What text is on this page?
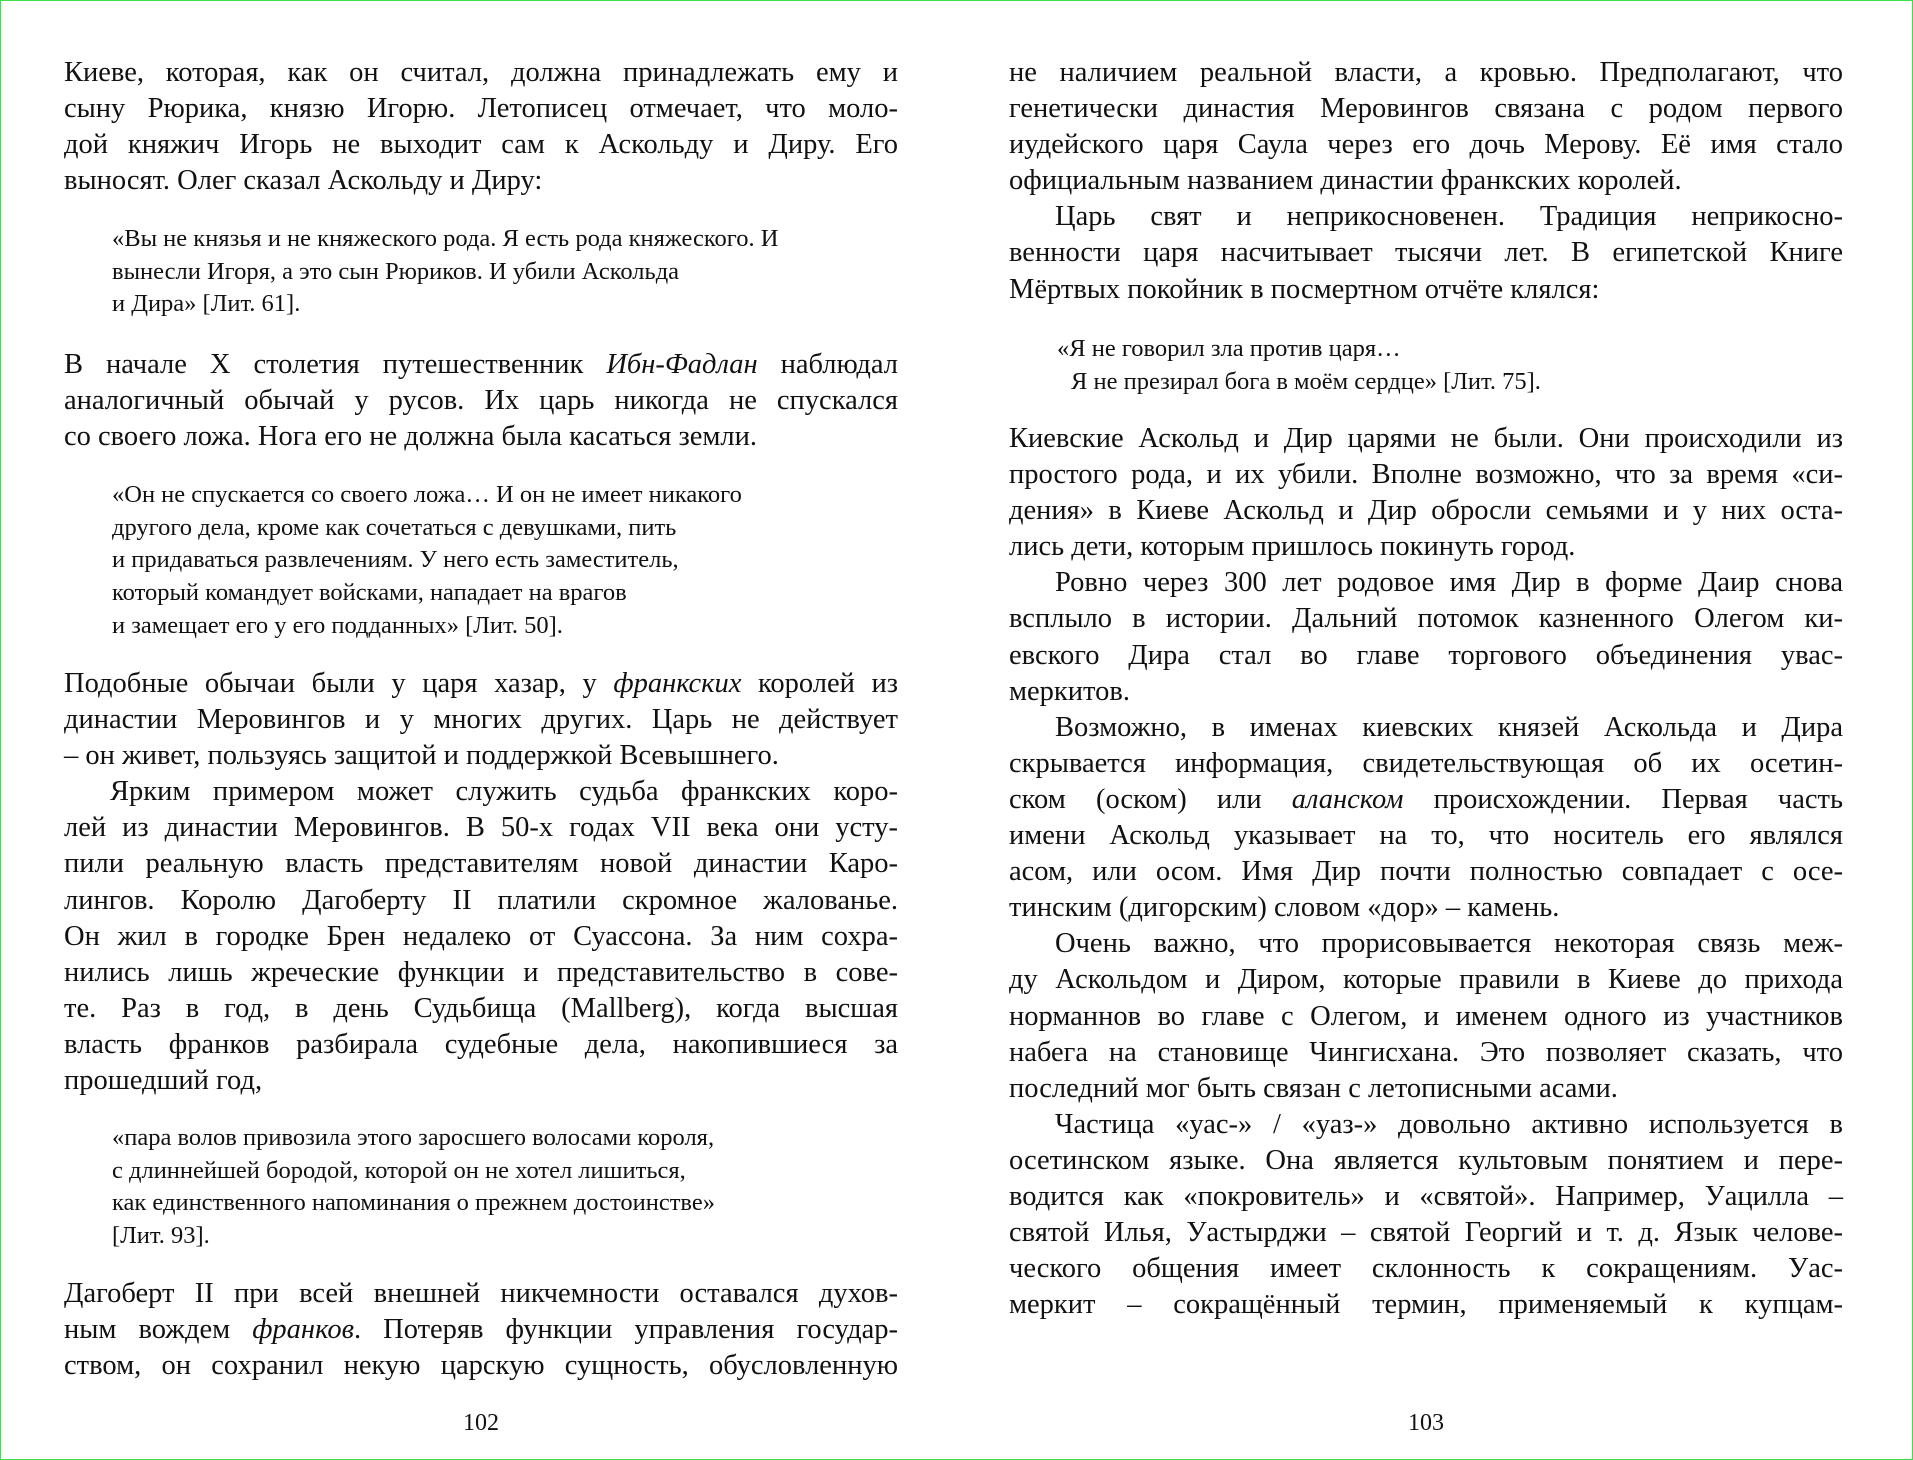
Киеве, которая, как он считал, должна принадлежать ему и
сыну Рюрика, князю Игорю. Летописец отмечает, что моло-
дой княжич Игорь не выходит сам к Аскольду и Диру. Его
выносят. Олег сказал Аскольду и Диру:
«Вы не князья и не княжеского рода. Я есть рода княжеского. И
вынесли Игоря, а это сын Рюриков. И убили Аскольда
и Дира» [Лит. 61].
В начале X столетия путешественник Ибн-Фадлан наблюдал
аналогичный обычай у русов. Их царь никогда не спускался
со своего ложа. Нога его не должна была касаться земли.
«Он не спускается со своего ложа… И он не имеет никакого
другого дела, кроме как сочетаться с девушками, пить
и придаваться развлечениям. У него есть заместитель,
который командует войсками, нападает на врагов
и замещает его у его подданных» [Лит. 50].
Подобные обычаи были у царя хазар, у франкских королей из
династии Меровингов и у многих других. Царь не действует
– он живет, пользуясь защитой и поддержкой Всевышнего.
Ярким примером может служить судьба франкских коро-
лей из династии Меровингов. В 50-х годах VII века они усту-
пили реальную власть представителям новой династии Каро-
лингов. Королю Дагоберту II платили скромное жалованье.
Он жил в городке Брен недалеко от Суассона. За ним сохра-
нились лишь жреческие функции и представительство в сове-
те. Раз в год, в день Судьбища (Mallberg), когда высшая
власть франков разбирала судебные дела, накопившиеся за
прошедший год,
«пара волов привозила этого заросшего волосами короля,
с длиннейшей бородой, которой он не хотел лишиться,
как единственного напоминания о прежнем достоинстве»
[Лит. 93].
Дагоберт II при всей внешней никчемности оставался духов-
ным вождем франков. Потеряв функции управления государ-
ством, он сохранил некую царскую сущность, обусловленную
102
не наличием реальной власти, а кровью. Предполагают, что
генетически династия Меровингов связана с родом первого
иудейского царя Саула через его дочь Мерову. Её имя стало
официальным названием династии франкских королей.
Царь свят и неприкосновенен. Традиция неприкосно-
венности царя насчитывает тысячи лет. В египетской Книге
Мёртвых покойник в посмертном отчёте клялся:
«Я не говорил зла против царя…
Я не презирал бога в моём сердце» [Лит. 75].
Киевские Аскольд и Дир царями не были. Они происходили из
простого рода, и их убили. Вполне возможно, что за время «си-
дения» в Киеве Аскольд и Дир обросли семьями и у них оста-
лись дети, которым пришлось покинуть город.
Ровно через 300 лет родовое имя Дир в форме Даир снова
всплыло в истории. Дальний потомок казненного Олегом ки-
евского Дира стал во главе торгового объединения увас-
меркитов.
Возможно, в именах киевских князей Аскольда и Дира
скрывается информация, свидетельствующая об их осетин-
ском (оском) или аланском происхождении. Первая часть
имени Аскольд указывает на то, что носитель его являлся
асом, или осом. Имя Дир почти полностью совпадает с осе-
тинским (дигорским) словом «дор» – камень.
Очень важно, что прорисовывается некоторая связь меж-
ду Аскольдом и Диром, которые правили в Киеве до прихода
норманнов во главе с Олегом, и именем одного из участников
набега на становище Чингисхана. Это позволяет сказать, что
последний мог быть связан с летописными асами.
Частица «уас-» / «уаз-» довольно активно используется в
осетинском языке. Она является культовым понятием и пере-
водится как «покровитель» и «святой». Например, Уацилла –
святой Илья, Уастырджи – святой Георгий и т. д. Язык челове-
ческого общения имеет склонность к сокращениям. Уас-
меркит – сокращённый термин, применяемый к купцам-
103
